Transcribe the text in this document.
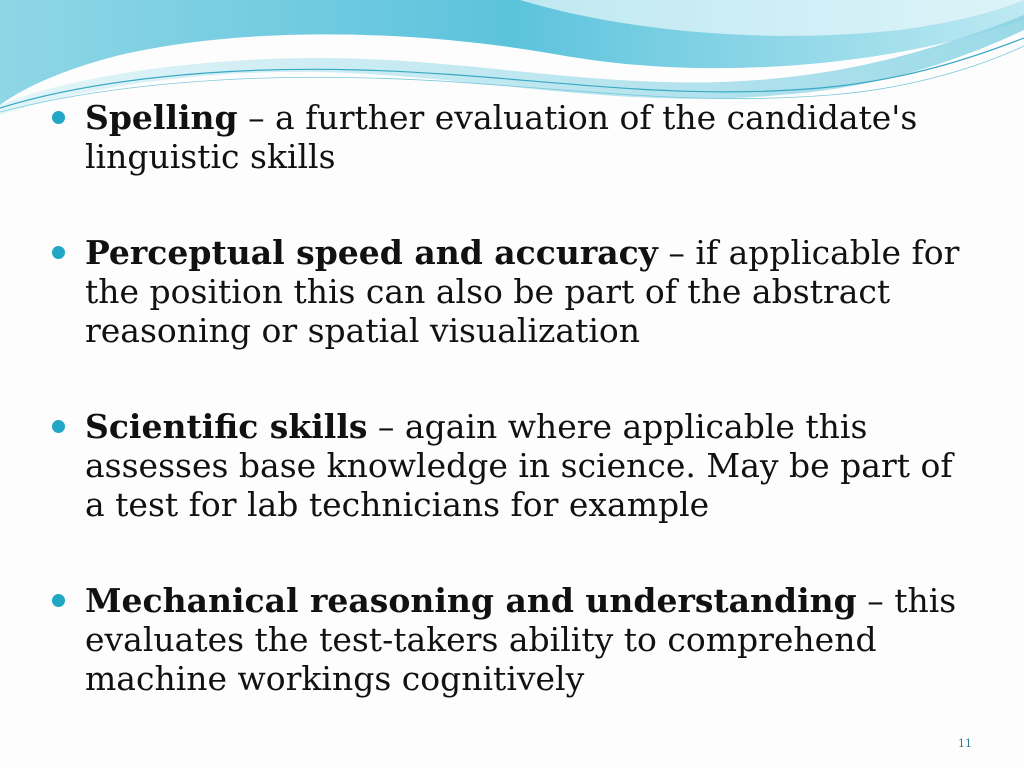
Spelling – a further evaluation of the candidate's linguistic skills
Perceptual speed and accuracy – if applicable for the position this can also be part of the abstract reasoning or spatial visualization
Scientific skills – again where applicable this assesses base knowledge in science. May be part of a test for lab technicians for example
Mechanical reasoning and understanding – this evaluates the test-takers ability to comprehend machine workings cognitively
11
